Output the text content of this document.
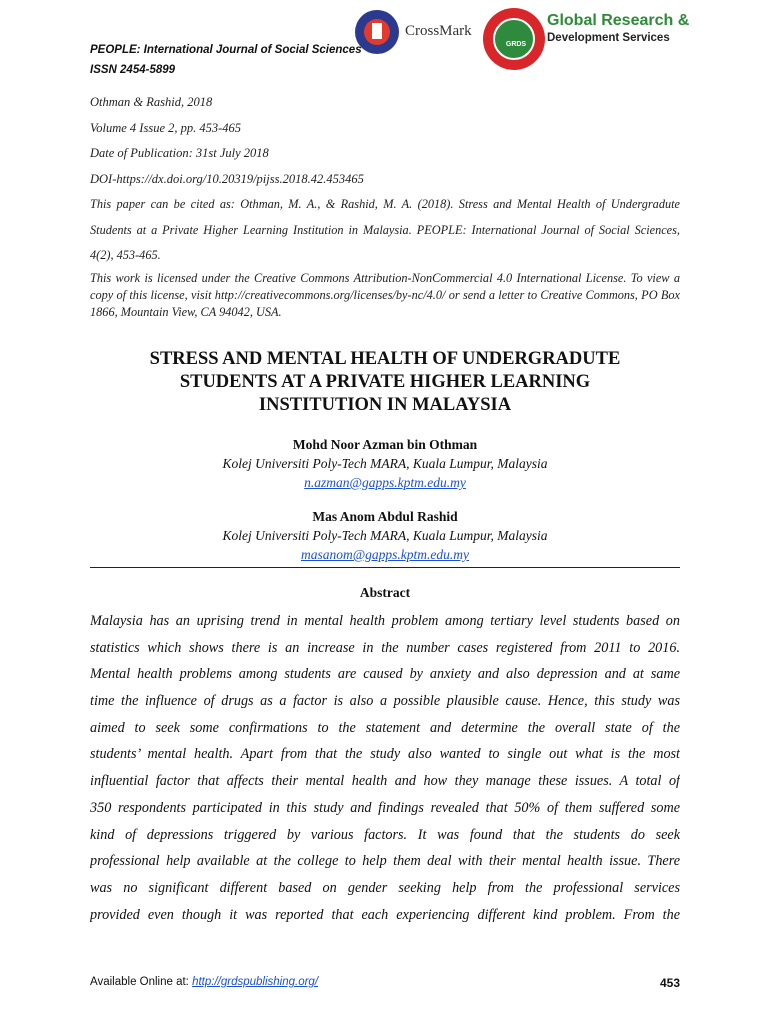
PEOPLE: International Journal of Social Sciences
ISSN 2454-5899
CrossMark
GRDS
Global Research &
Development Services
Othman & Rashid, 2018
Volume 4 Issue 2, pp. 453-465
Date of Publication: 31st July 2018
DOI-https://dx.doi.org/10.20319/pijss.2018.42.453465
This paper can be cited as: Othman, M. A., & Rashid, M. A. (2018). Stress and Mental Health of Undergradute Students at a Private Higher Learning Institution in Malaysia. PEOPLE: International Journal of Social Sciences, 4(2), 453-465.
This work is licensed under the Creative Commons Attribution-NonCommercial 4.0 International License. To view a copy of this license, visit http://creativecommons.org/licenses/by-nc/4.0/ or send a letter to Creative Commons, PO Box 1866, Mountain View, CA 94042, USA.
STRESS AND MENTAL HEALTH OF UNDERGRADUTE
STUDENTS AT A PRIVATE HIGHER LEARNING
INSTITUTION IN MALAYSIA
Mohd Noor Azman bin Othman
Kolej Universiti Poly-Tech MARA, Kuala Lumpur, Malaysia
n.azman@gapps.kptm.edu.my
Mas Anom Abdul Rashid
Kolej Universiti Poly-Tech MARA, Kuala Lumpur, Malaysia
masanom@gapps.kptm.edu.my
Abstract
Malaysia has an uprising trend in mental health problem among tertiary level students based on
statistics which shows there is an increase in the number cases registered from 2011 to 2016.
Mental health problems among students are caused by anxiety and also depression and at same
time the influence of drugs as a factor is also a possible plausible cause. Hence, this study was
aimed to seek some confirmations to the statement and determine the overall state of the
students’ mental health. Apart from that the study also wanted to single out what is the most
influential factor that affects their mental health and how they manage these issues. A total of
350 respondents participated in this study and findings revealed that 50% of them suffered some
kind of depressions triggered by various factors. It was found that the students do seek
professional help available at the college to help them deal with their mental health issue. There
was no significant different based on gender seeking help from the professional services
provided even though it was reported that each experiencing different kind problem. From the
Available Online at: http://grdspublishing.org/	453
